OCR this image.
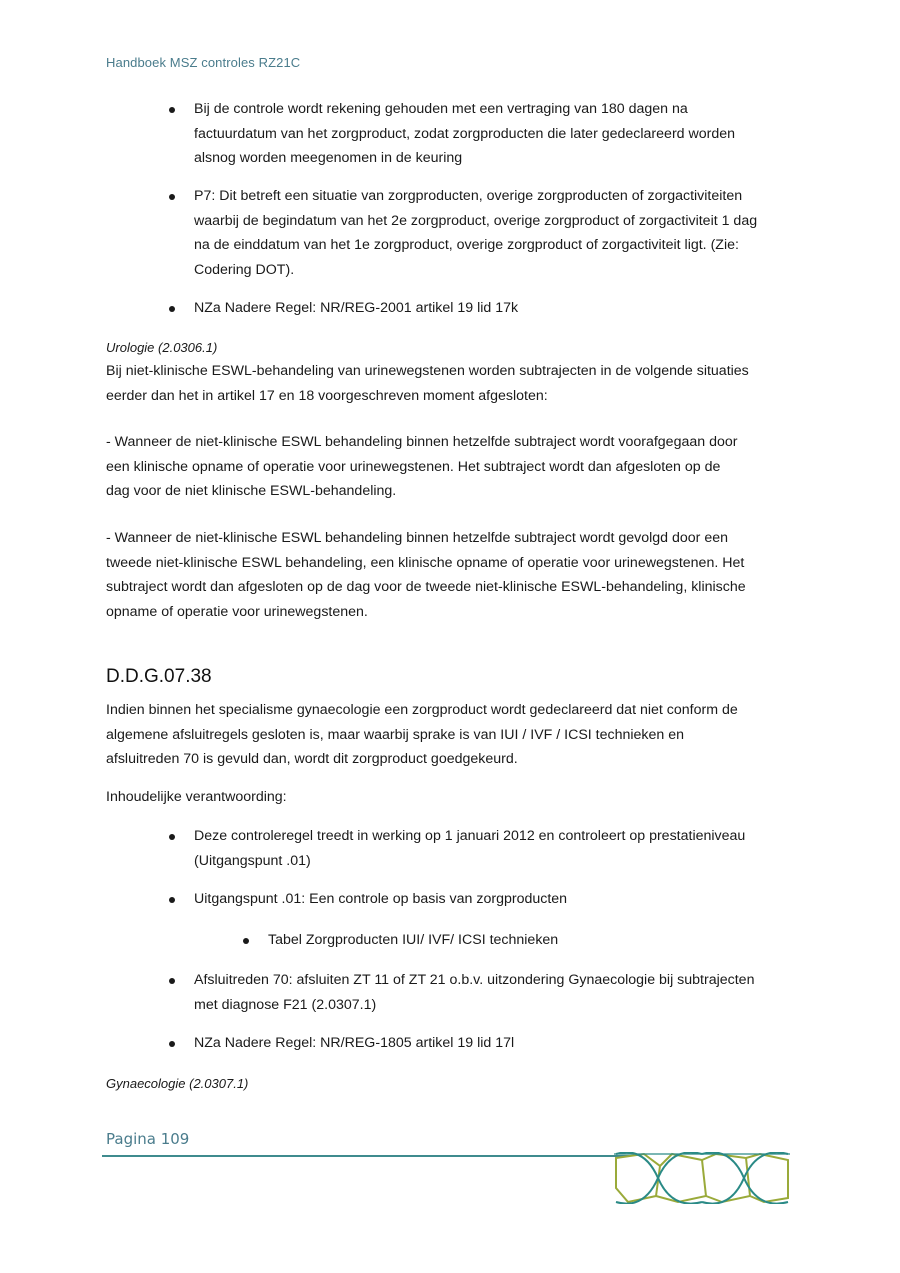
Handboek MSZ controles RZ21C
Bij de controle wordt rekening gehouden met een vertraging van 180 dagen na
factuurdatum van het zorgproduct, zodat zorgproducten die later gedeclareerd worden
alsnog worden meegenomen in de keuring
P7: Dit betreft een situatie van zorgproducten, overige zorgproducten of zorgactiviteiten
waarbij de begindatum van het 2e zorgproduct, overige zorgproduct of zorgactiviteit 1 dag
na de einddatum van het 1e zorgproduct, overige zorgproduct of zorgactiviteit ligt. (Zie:
Codering DOT).
NZa Nadere Regel: NR/REG-2001 artikel 19 lid 17k
Urologie (2.0306.1)
Bij niet-klinische ESWL-behandeling van urinewegstenen worden subtrajecten in de volgende situaties
eerder dan het in artikel 17 en 18 voorgeschreven moment afgesloten:
- Wanneer de niet-klinische ESWL behandeling binnen hetzelfde subtraject wordt voorafgegaan door
een klinische opname of operatie voor urinewegstenen. Het subtraject wordt dan afgesloten op de
dag voor de niet klinische ESWL-behandeling.
- Wanneer de niet-klinische ESWL behandeling binnen hetzelfde subtraject wordt gevolgd door een
tweede niet-klinische ESWL behandeling, een klinische opname of operatie voor urinewegstenen. Het
subtraject wordt dan afgesloten op de dag voor de tweede niet-klinische ESWL-behandeling, klinische
opname of operatie voor urinewegstenen.
D.D.G.07.38
Indien binnen het specialisme gynaecologie een zorgproduct wordt gedeclareerd dat niet conform de
algemene afsluitregels gesloten is, maar waarbij sprake is van IUI / IVF / ICSI technieken en
afsluitreden 70 is gevuld dan, wordt dit zorgproduct goedgekeurd.
Inhoudelijke verantwoording:
Deze controleregel treedt in werking op 1 januari 2012 en controleert op prestatieniveau
(Uitgangspunt .01)
Uitgangspunt .01: Een controle op basis van zorgproducten
Tabel Zorgproducten IUI/ IVF/ ICSI technieken
Afsluitreden 70: afsluiten ZT 11 of ZT 21 o.b.v. uitzondering Gynaecologie bij subtrajecten
met diagnose F21 (2.0307.1)
NZa Nadere Regel: NR/REG-1805 artikel 19 lid 17l
Gynaecologie (2.0307.1)
Pagina 109
